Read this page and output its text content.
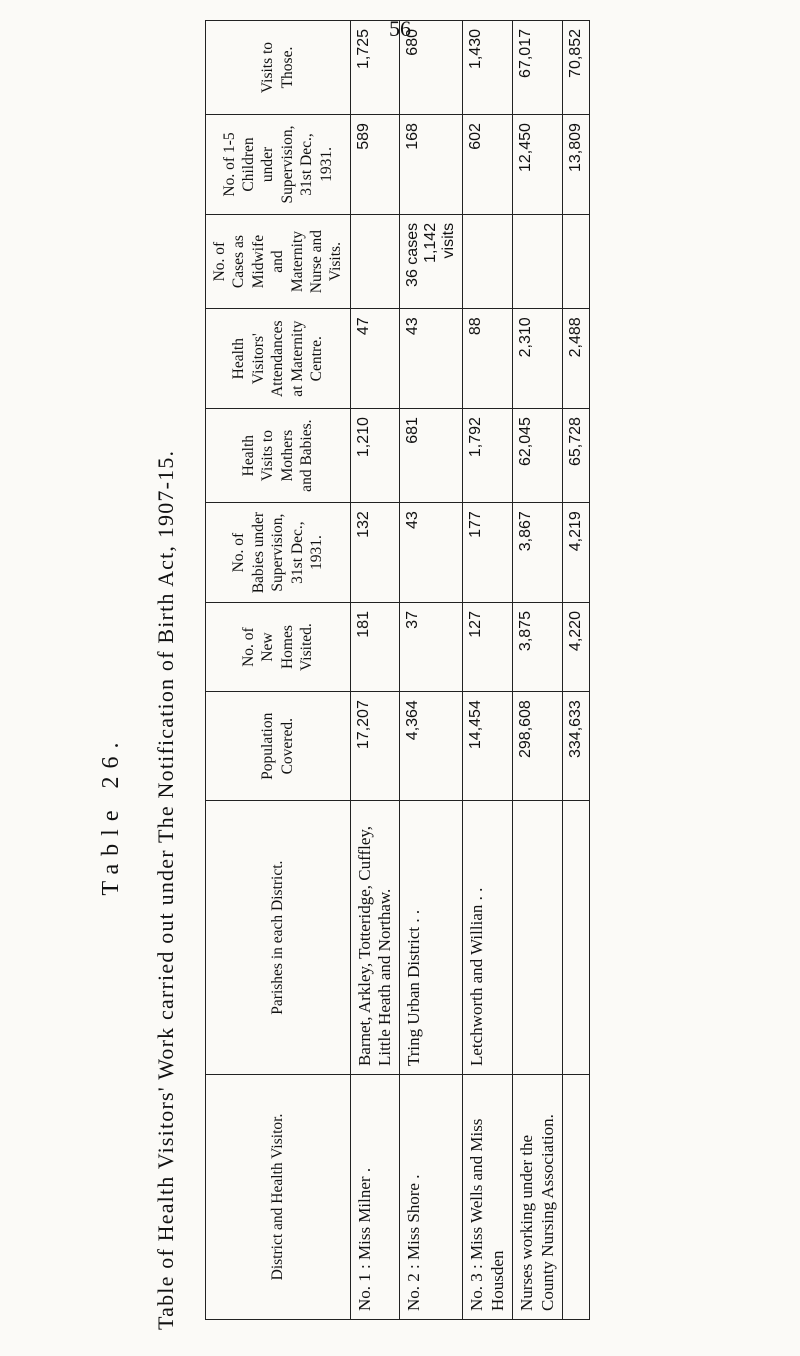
56
Table 26.	Table of Health Visitors' Work carried out under The Notification of Birth Act, 1907-15.	District and Health Visitor.	Parishes in each District.	Population Covered.	No. of New Homes Visited.	No. of Babies under Supervision, 31st Dec., 1931.	Health Visits to Mothers and Babies.	Health Visitors' Attendances at Maternity Centre.	No. of Cases as Midwife and Maternity Nurse and Visits.	No. of 1-5 Children under Supervision, 31st Dec., 1931.	Visits to Those.
No. 1 : Miss Milner .	Barnet, Arkley, Totteridge, Cuffley, Little Heath and Northaw.	17,207	181	132	1,210	47		589	1,725
No. 2 : Miss Shore .	Tring Urban District . .	4,364	37	43	681	43	36 cases 1,142 visits	168	680
No. 3 : Miss Wells and Miss Housden	Letchworth and Willian . .	14,454	127	177	1,792	88		602	1,430
Nurses working under the County Nursing Association.		298,608	3,875	3,867	62,045	2,310		12,450	67,017
		334,633	4,220	4,219	65,728	2,488		13,809	70,852
